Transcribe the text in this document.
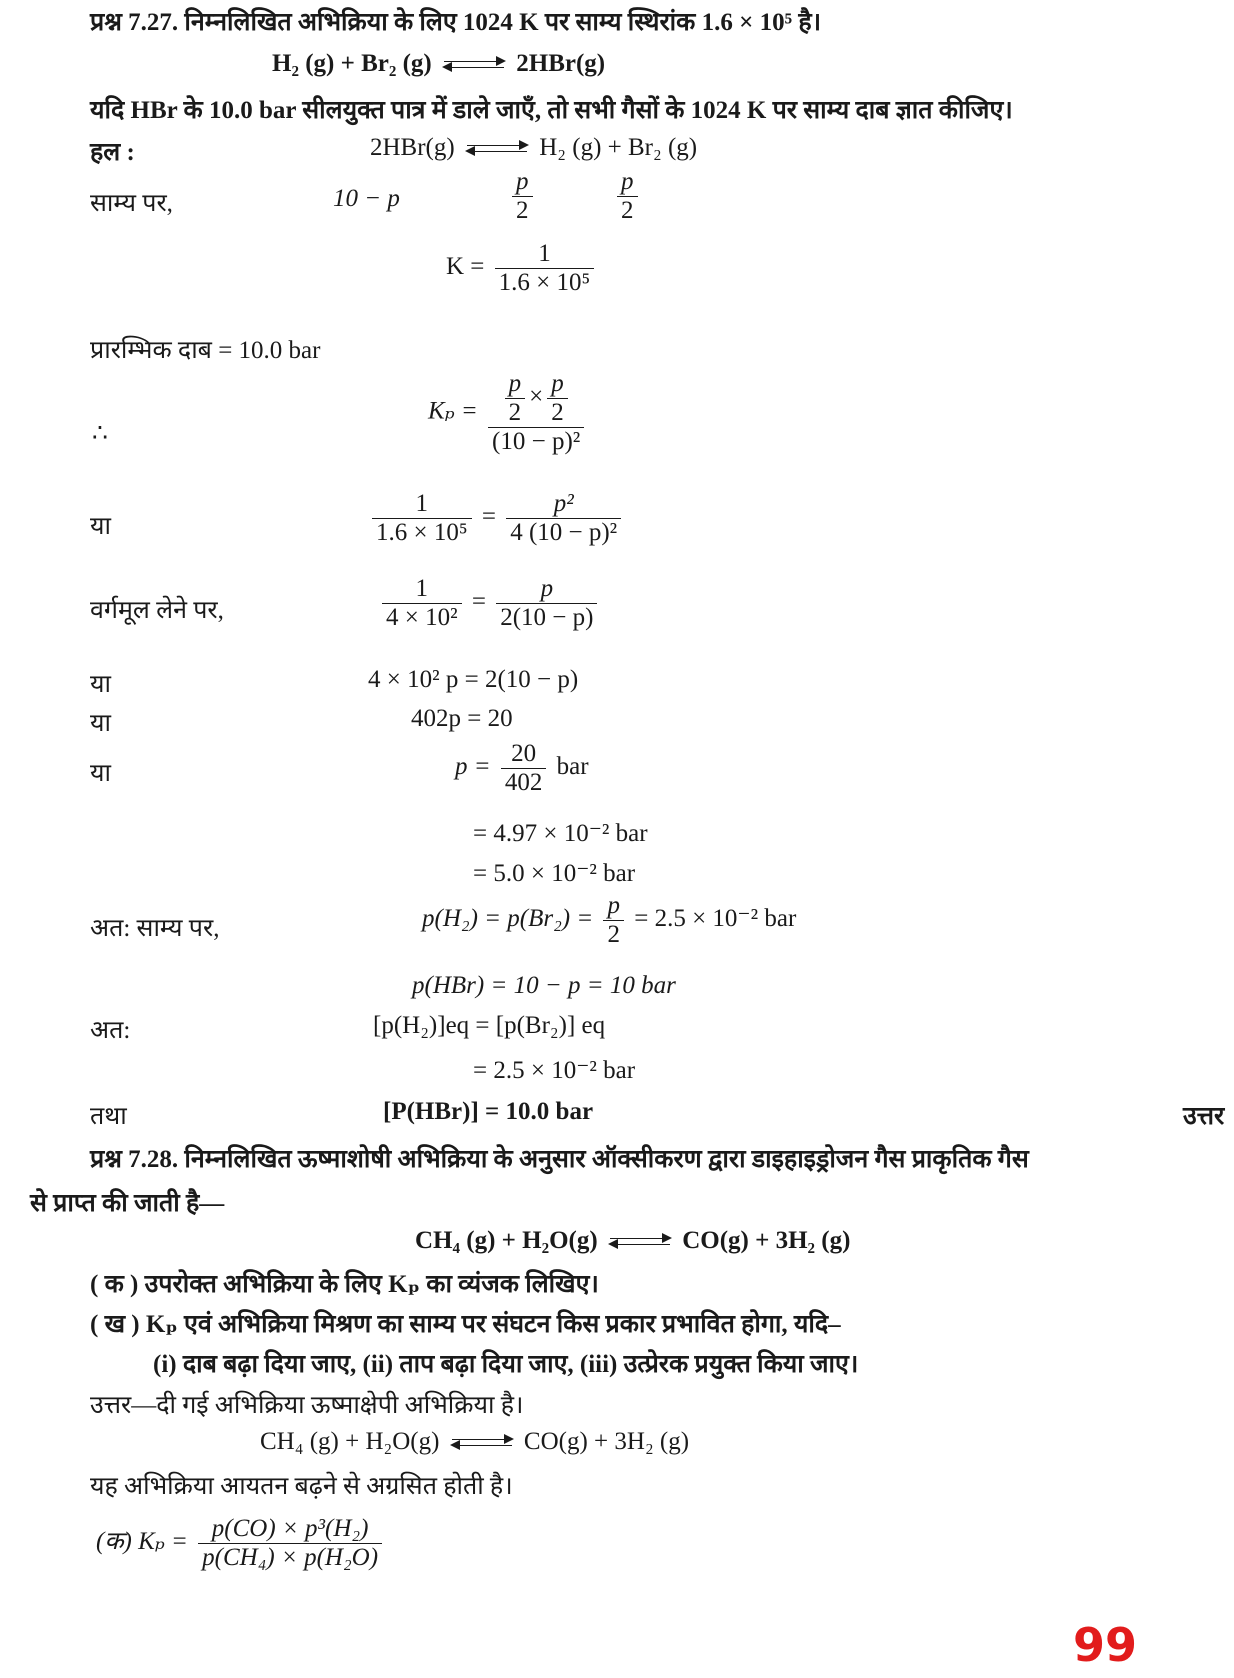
प्रश्न 7.27. निम्नलिखित अभिक्रिया के लिए 1024 K पर साम्य स्थिरांक 1.6 × 10⁵ है।
H₂ (g) + Br₂ (g)	2HBr(g)
यदि HBr के 10.0 bar सीलयुक्त पात्र में डाले जाएँ, तो सभी गैसों के 1024 K पर साम्य दाब ज्ञात कीजिए।
हल :	2HBr(g)	H₂ (g) + Br₂ (g)
साम्य पर,	10 − p	$\frac{p}{2}$	$\frac{p}{2}$
$K = \frac{1}{\text{1.6 × 10⁵}}$
प्रारम्भिक दाब = 10.0 bar
∴
$K_p = \frac{\frac{p}{2} \times \frac{p}{2}}{\text{(10 − p)²}}$
या	$\frac{1}{\text{1.6 × 10⁵}} = \frac{\text{p²}}{\text{4 (10 − p)²}}$
वर्गमूल लेने पर,	$\frac{1}{\text{4 × 10²}} = \frac{p}{2(10 - p)}$
या	4 × 10² p = 2(10 − p)
या	402p = 20
या	$p = \frac{20}{402}$ bar
= 4.97 × 10⁻² bar
= 5.0 × 10⁻² bar
अत: साम्य पर,	$p(H_2) = p(Br_2) = \frac{p}{2} = 2.5 \times 10^{-2}$ bar
p(HBr) = 10 − p = 10 bar
अत:	[p(H₂)]eq = [p(Br₂)] eq
= 2.5 × 10⁻² bar
तथा	[P(HBr)] = 10.0 bar	उत्तर
प्रश्न 7.28. निम्नलिखित ऊष्माशोषी अभिक्रिया के अनुसार ऑक्सीकरण द्वारा डाइहाइड्रोजन गैस प्राकृतिक गैस
से प्राप्त की जाती है—
CH₄ (g) + H₂O(g)	CO(g) + 3H₂ (g)
( क ) उपरोक्त अभिक्रिया के लिए Kₚ का व्यंजक लिखिए।
( ख ) Kₚ एवं अभिक्रिया मिश्रण का साम्य पर संघटन किस प्रकार प्रभावित होगा, यदि–
(i) दाब बढ़ा दिया जाए, (ii) ताप बढ़ा दिया जाए, (iii) उत्प्रेरक प्रयुक्त किया जाए।
उत्तर—दी गई अभिक्रिया ऊष्माक्षेपी अभिक्रिया है।
CH₄ (g) + H₂O(g)	CO(g) + 3H₂ (g)
यह अभिक्रिया आयतन बढ़ने से अग्रसित होती है।
(क) $K_p = \frac{\text{p(CO) × p³(H₂)}}{\text{p(CH₄) × p(H₂O)}}$
99
